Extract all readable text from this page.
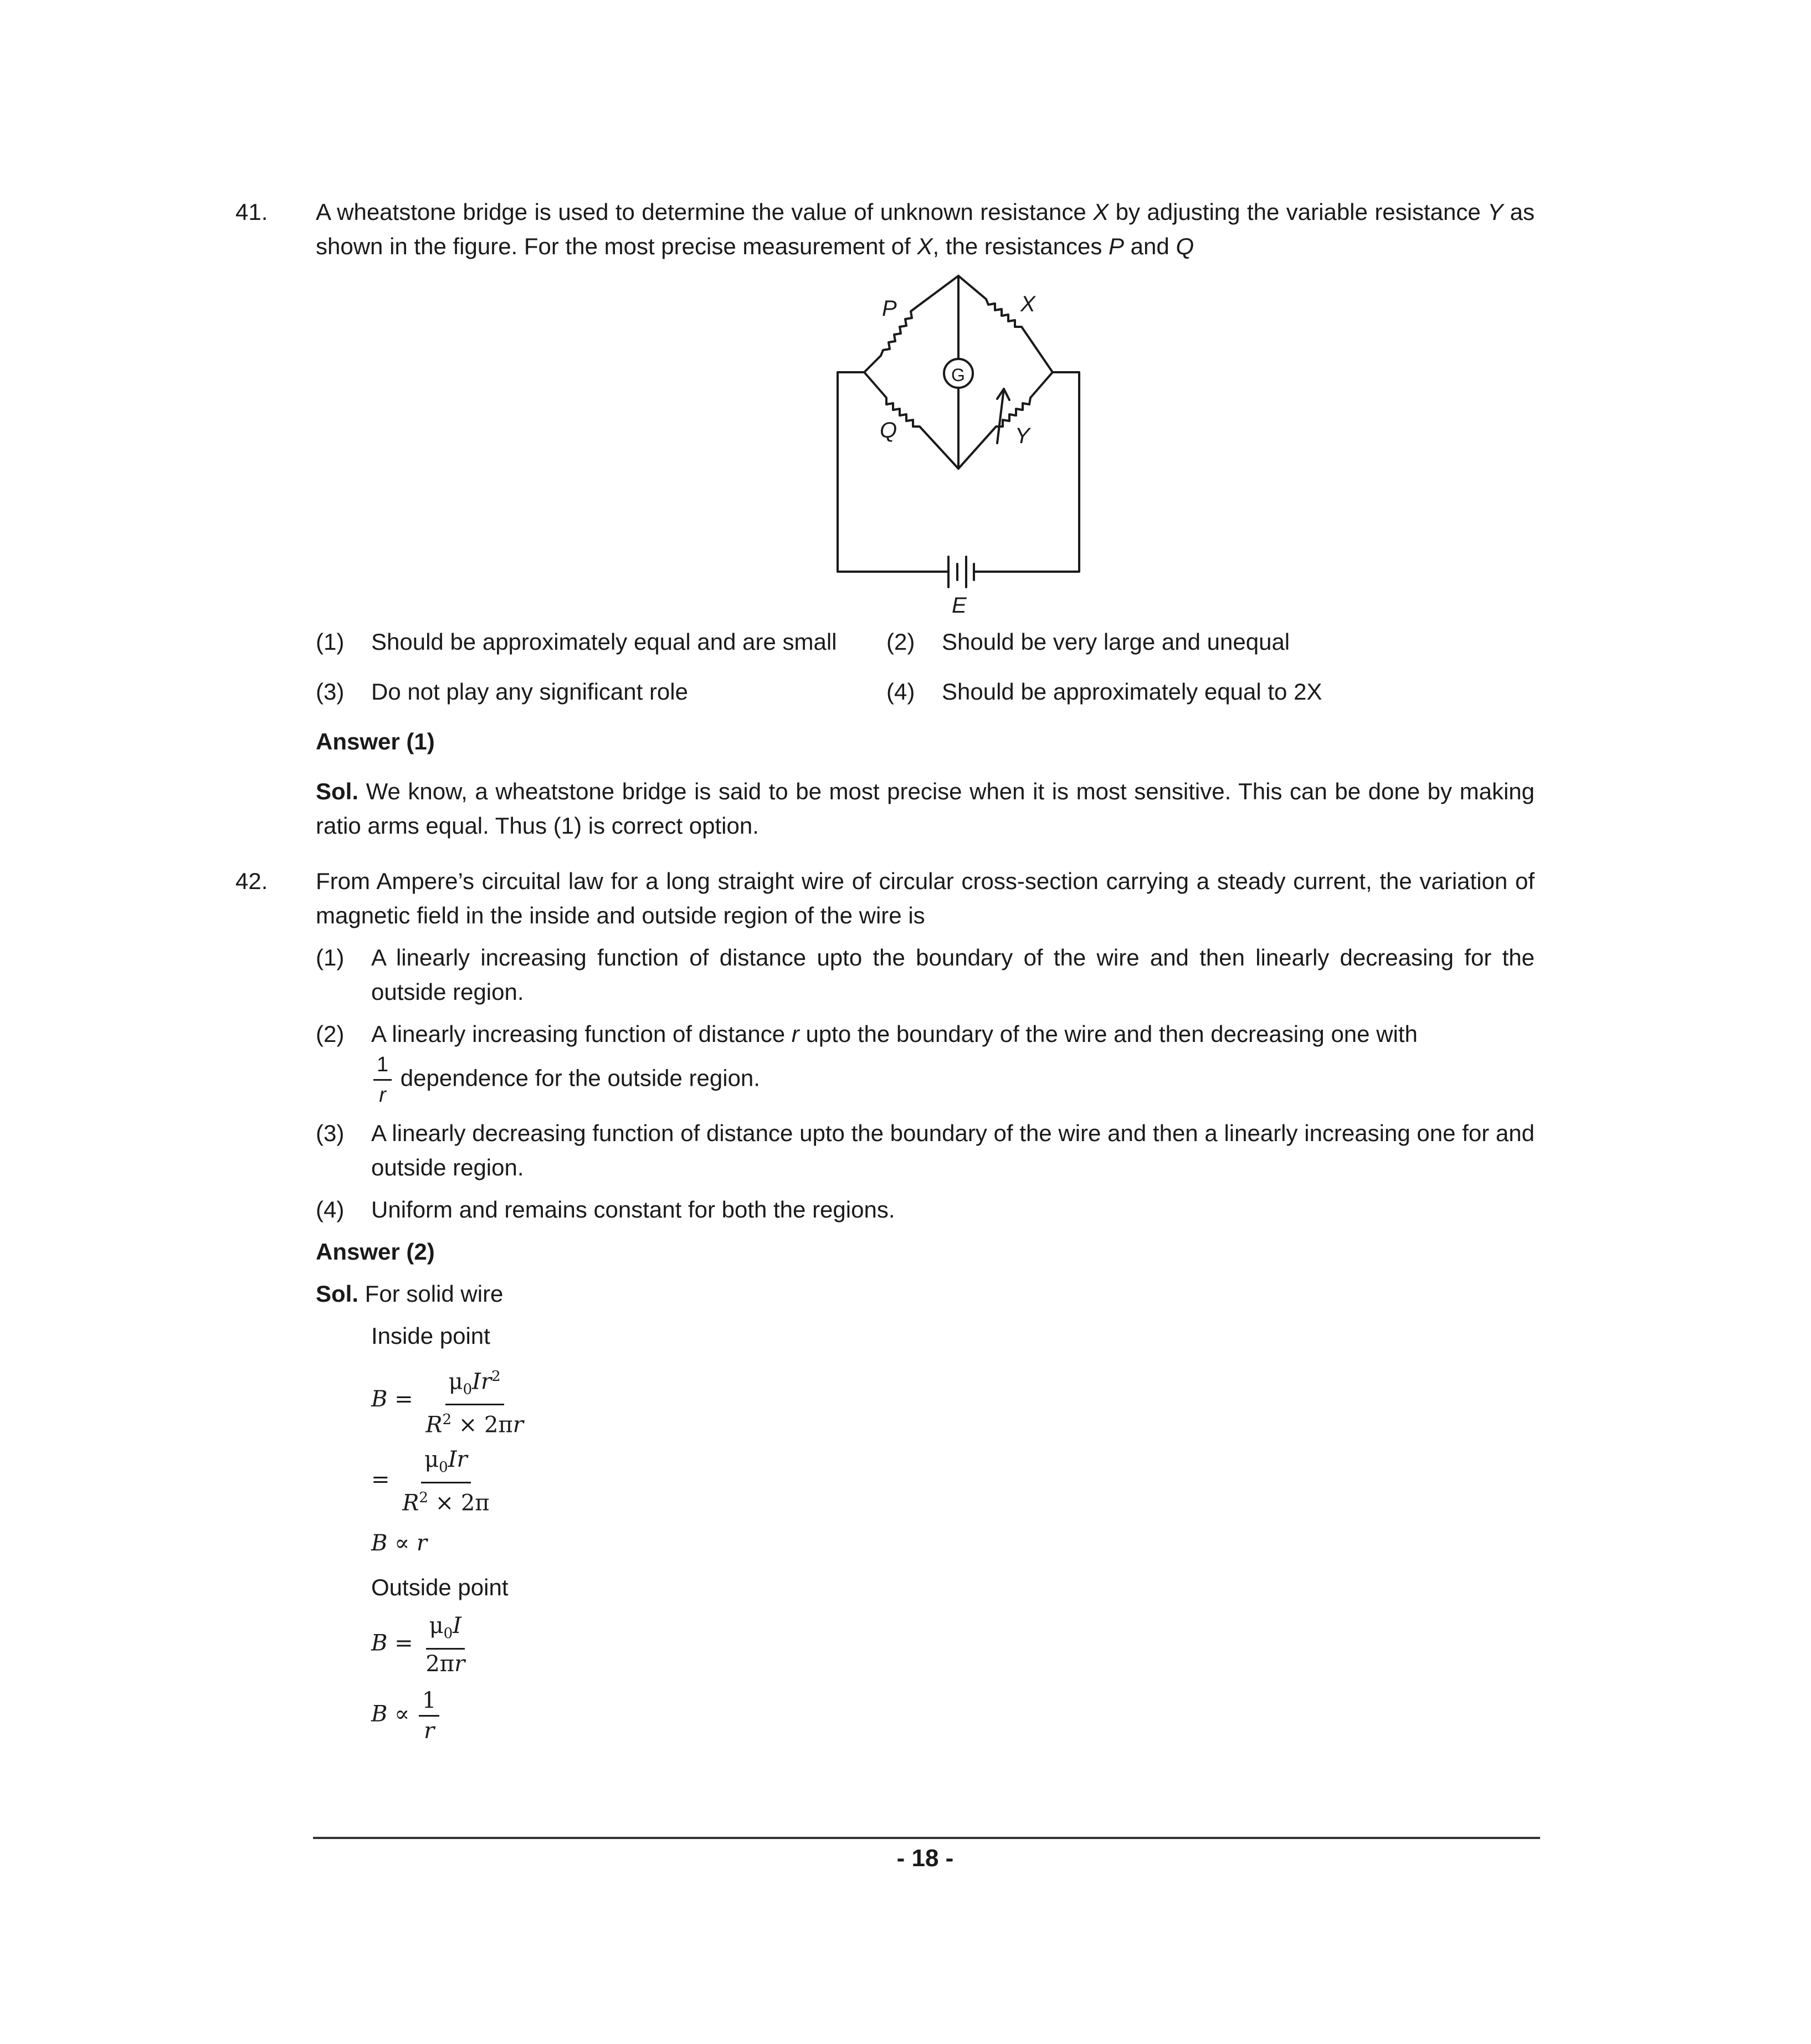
41. A wheatstone bridge is used to determine the value of unknown resistance X by adjusting the variable resistance Y as shown in the figure. For the most precise measurement of X, the resistances P and Q

P	X
Q	Y
G
E
(1) Should be approximately equal and are small	(2) Should be very large and unequal
(3) Do not play any significant role	(4) Should be approximately equal to 2X

Answer (1)

Sol. We know, a wheatstone bridge is said to be most precise when it is most sensitive. This can be done by making ratio arms equal. Thus (1) is correct option.

42. From Ampere’s circuital law for a long straight wire of circular cross-section carrying a steady current, the variation of magnetic field in the inside and outside region of the wire is

(1) A linearly increasing function of distance upto the boundary of the wire and then linearly decreasing for the outside region.
(2) A linearly increasing function of distance r upto the boundary of the wire and then decreasing one with

$\frac{1}{r}$ dependence for the outside region.
(3) A linearly decreasing function of distance upto the boundary of the wire and then a linearly increasing one for and outside region.
(4) Uniform and remains constant for both the regions.

Answer (2)

Sol. For solid wire

Inside point

$B = \frac{\mu_0Ir^2}{R^2 \times 2\pi r}$
= $\frac{\mu_0Ir}{R^2 \times 2\pi}$
B ∝ r

Outside point

$B = \frac{\mu_0I}{2\pi r}$
$B \propto \frac{1}{r}$
- 18 -
